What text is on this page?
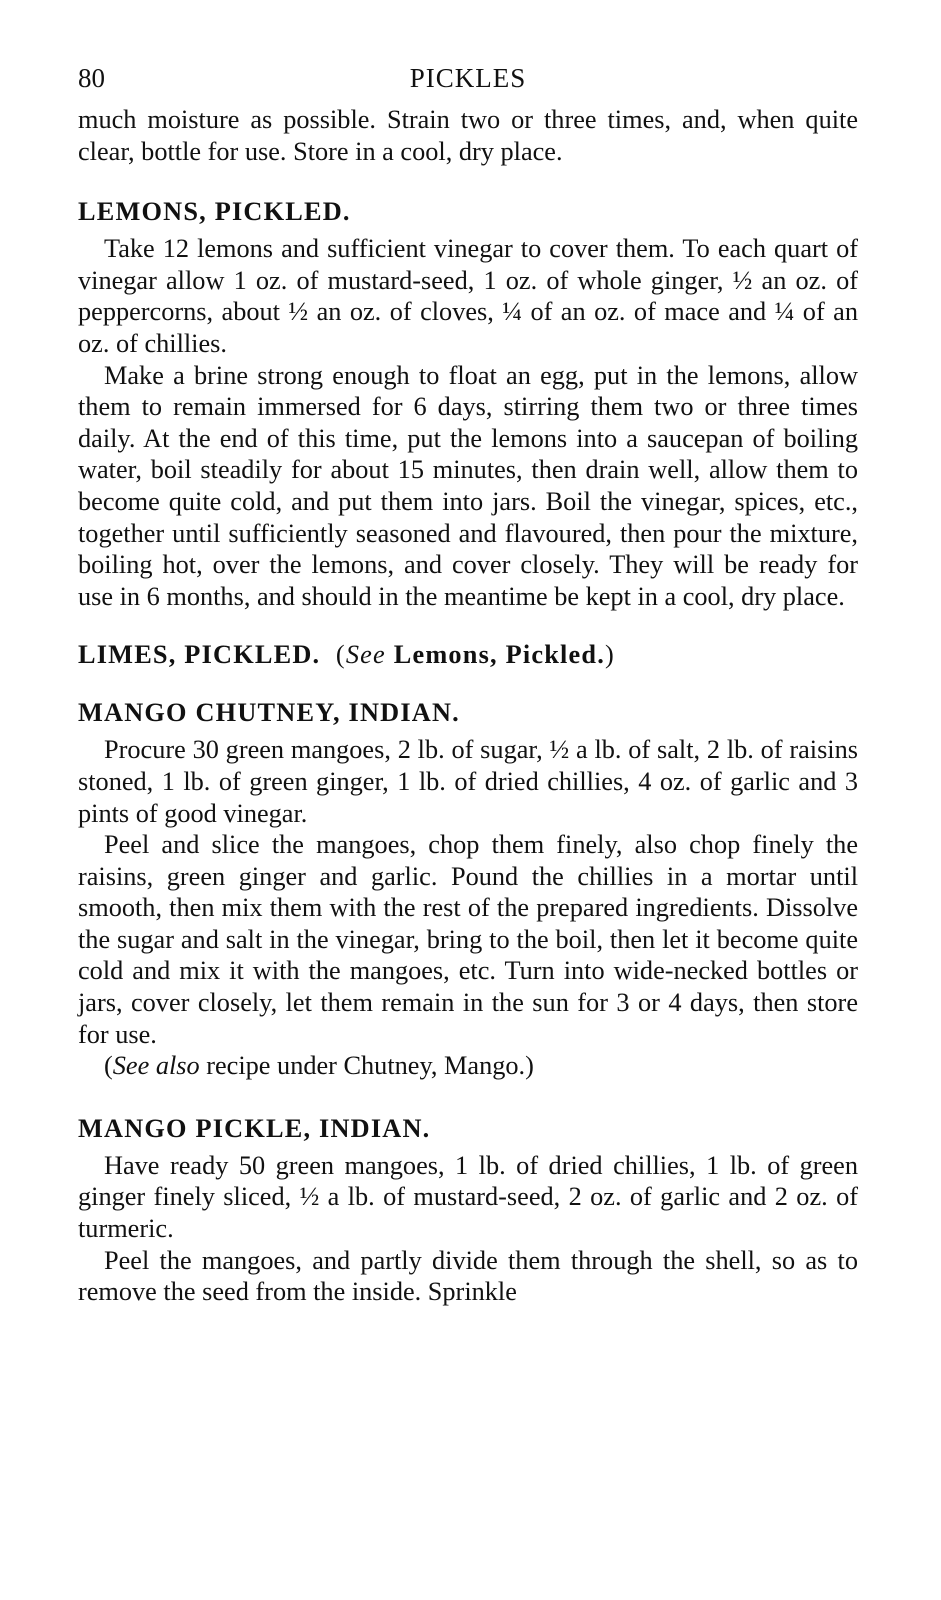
80	PICKLES

much moisture as possible. Strain two or three times, and, when quite clear, bottle for use. Store in a cool, dry place.

LEMONS, PICKLED.

Take 12 lemons and sufficient vinegar to cover them. To each quart of vinegar allow 1 oz. of mustard-seed, 1 oz. of whole ginger, ½ an oz. of peppercorns, about ½ an oz. of cloves, ¼ of an oz. of mace and ¼ of an oz. of chillies.

Make a brine strong enough to float an egg, put in the lemons, allow them to remain immersed for 6 days, stirring them two or three times daily. At the end of this time, put the lemons into a saucepan of boiling water, boil steadily for about 15 minutes, then drain well, allow them to become quite cold, and put them into jars. Boil the vinegar, spices, etc., together until sufficiently seasoned and flavoured, then pour the mixture, boiling hot, over the lemons, and cover closely. They will be ready for use in 6 months, and should in the meantime be kept in a cool, dry place.

LIMES, PICKLED. (See Lemons, Pickled.)
MANGO CHUTNEY, INDIAN.

Procure 30 green mangoes, 2 lb. of sugar, ½ a lb. of salt, 2 lb. of raisins stoned, 1 lb. of green ginger, 1 lb. of dried chillies, 4 oz. of garlic and 3 pints of good vinegar.

Peel and slice the mangoes, chop them finely, also chop finely the raisins, green ginger and garlic. Pound the chillies in a mortar until smooth, then mix them with the rest of the prepared ingredients. Dissolve the sugar and salt in the vinegar, bring to the boil, then let it become quite cold and mix it with the mangoes, etc. Turn into wide-necked bottles or jars, cover closely, let them remain in the sun for 3 or 4 days, then store for use.

(See also recipe under Chutney, Mango.)

MANGO PICKLE, INDIAN.

Have ready 50 green mangoes, 1 lb. of dried chillies, 1 lb. of green ginger finely sliced, ½ a lb. of mustard-seed, 2 oz. of garlic and 2 oz. of turmeric.

Peel the mangoes, and partly divide them through the shell, so as to remove the seed from the inside. Sprinkle
